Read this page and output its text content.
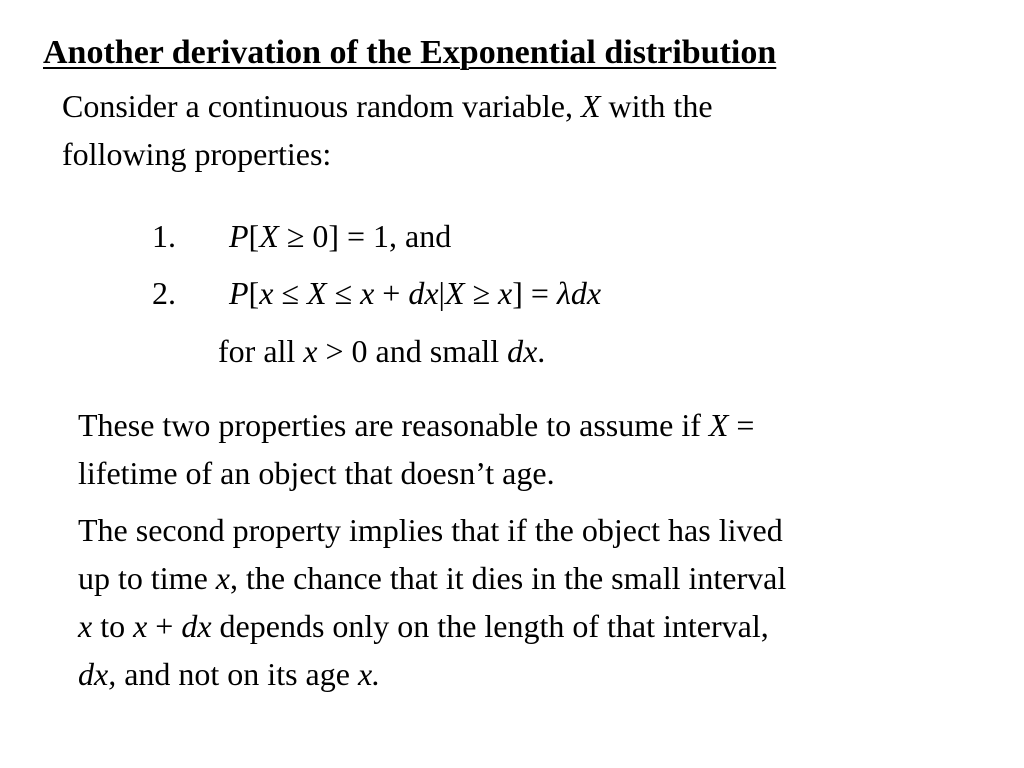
Another derivation of the Exponential distribution
Consider a continuous random variable, X with the
following properties:
1. P[X ≥ 0] = 1, and
2. P[x ≤ X ≤ x + dx|X ≥ x] = λdx
for all x > 0 and small dx.
These two properties are reasonable to assume if X =
lifetime of an object that doesn’t age.
The second property implies that if the object has lived
up to time x, the chance that it dies in the small interval
x to x + dx depends only on the length of that interval,
dx, and not on its age x.
